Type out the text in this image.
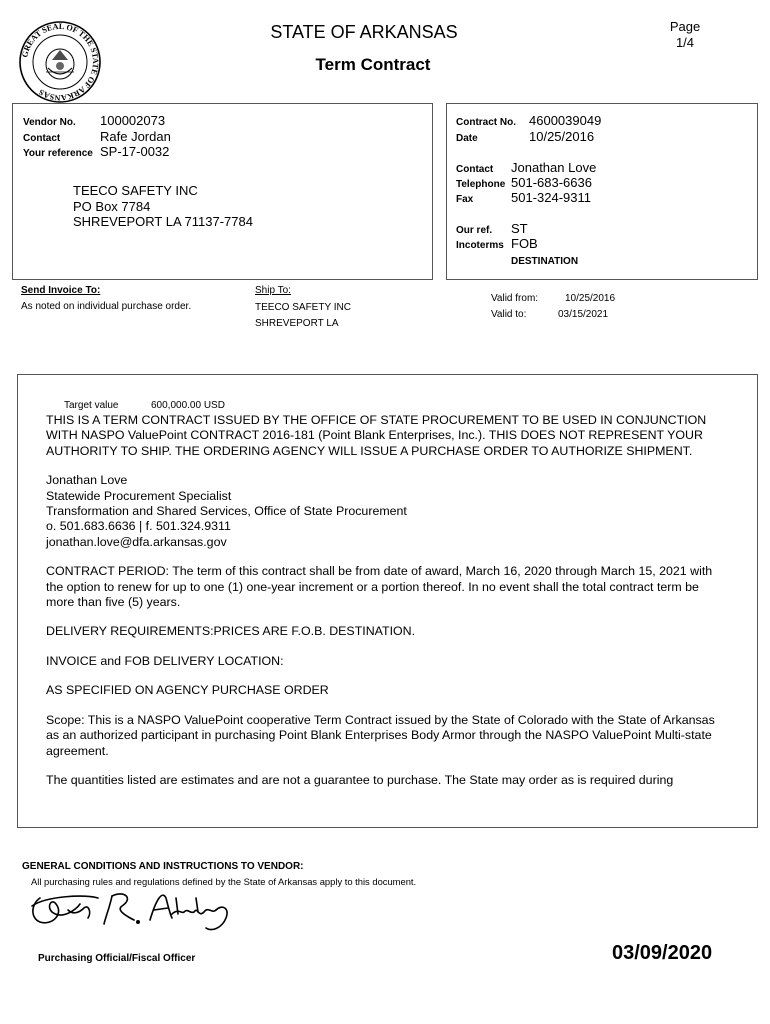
GREAT SEAL OF THE STATE OF ARKANSAS
STATE OF ARKANSAS
Term Contract
Page
1/4
Vendor No. 100002073
Contact	Rafe Jordan
Your reference SP-17-0032
TEECO SAFETY INC
PO Box 7784
SHREVEPORT LA 71137-7784
Contract No. 4600039049
Date	10/25/2016
Contact Jonathan Love
Telephone 501-683-6636
Fax	501-324-9311
Our ref. ST
Incoterms FOB
DESTINATION
Send Invoice To:
As noted on individual purchase order.
Ship To:
TEECO SAFETY INC
SHREVEPORT LA
Valid from:	10/25/2016
Valid to:	03/15/2021
Target value	600,000.00 USD

THIS IS A TERM CONTRACT ISSUED BY THE OFFICE OF STATE PROCUREMENT TO BE USED IN CONJUNCTION WITH NASPO ValuePoint CONTRACT 2016-181 (Point Blank Enterprises, Inc.). THIS DOES NOT REPRESENT YOUR AUTHORITY TO SHIP. THE ORDERING AGENCY WILL ISSUE A PURCHASE ORDER TO AUTHORIZE SHIPMENT.

Jonathan Love

Statewide Procurement Specialist

Transformation and Shared Services, Office of State Procurement

o. 501.683.6636 | f. 501.324.9311

jonathan.love@dfa.arkansas.gov

CONTRACT PERIOD: The term of this contract shall be from date of award, March 16, 2020 through March 15, 2021 with the option to renew for up to one (1) one-year increment or a portion thereof. In no event shall the total contract term be more than five (5) years.

DELIVERY REQUIREMENTS:PRICES ARE F.O.B. DESTINATION.

INVOICE and FOB DELIVERY LOCATION:

AS SPECIFIED ON AGENCY PURCHASE ORDER

Scope: This is a NASPO ValuePoint cooperative Term Contract issued by the State of Colorado with the State of Arkansas as an authorized participant in purchasing Point Blank Enterprises Body Armor through the NASPO ValuePoint Multi-state agreement.

The quantities listed are estimates and are not a guarantee to purchase. The State may order as is required during

GENERAL CONDITIONS AND INSTRUCTIONS TO VENDOR:
All purchasing rules and regulations defined by the State of Arkansas apply to this document.
Purchasing Official/Fiscal Officer	03/09/2020
